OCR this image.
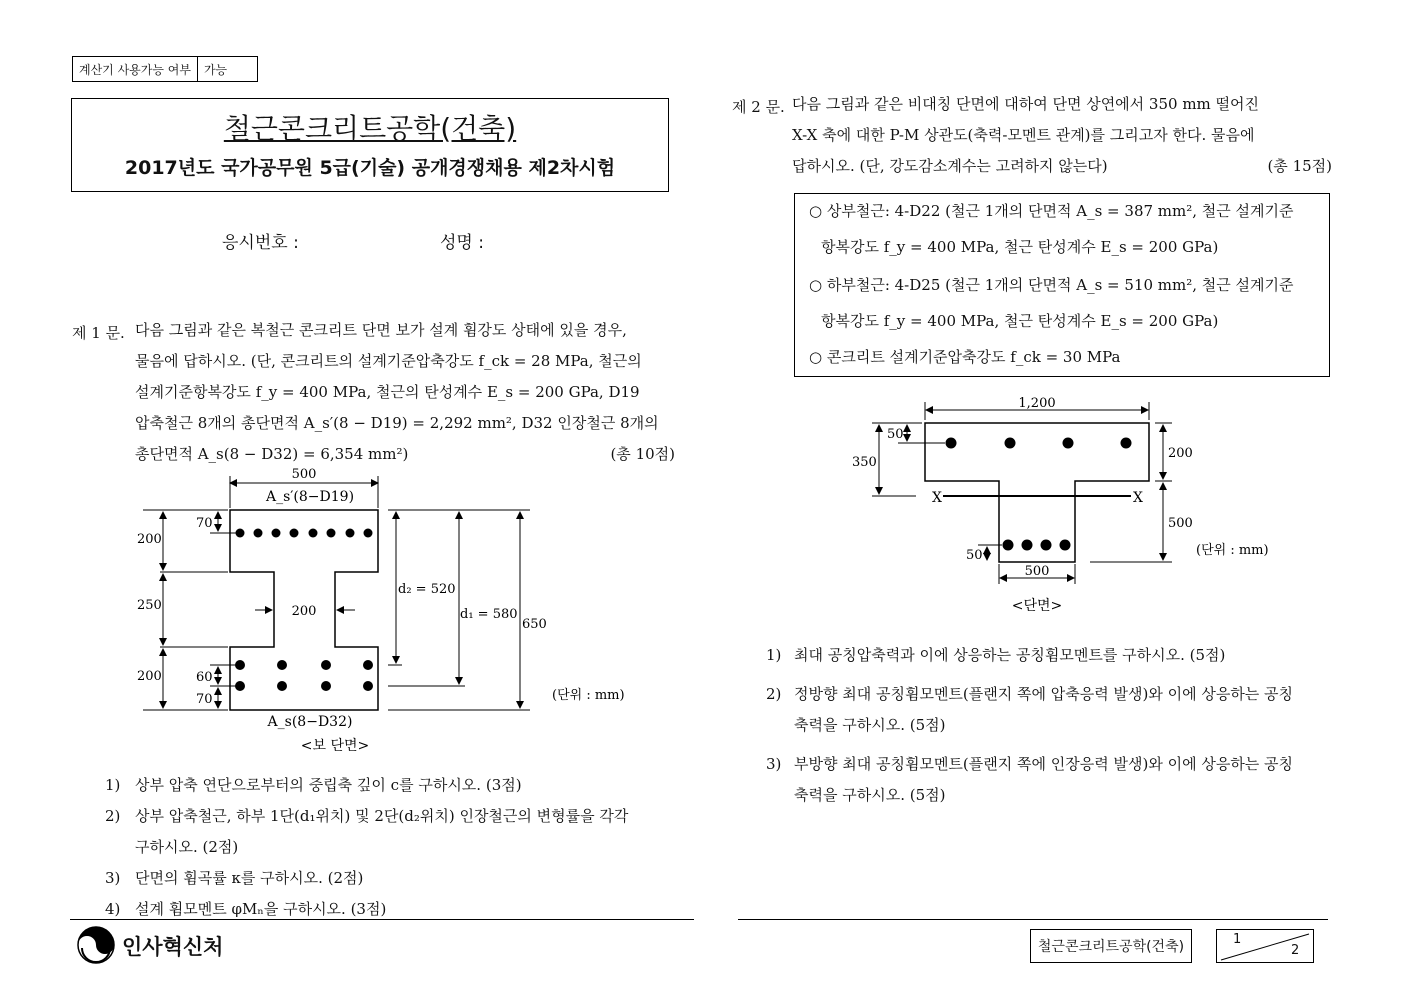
계산기 사용가능 여부	가능
철근콘크리트공학(건축)
2017년도 국가공무원 5급(기술) 공개경쟁채용 제2차시험
응시번호 :	성명 :
제 1 문. 다음 그림과 같은 복철근 콘크리트 단면 보가 설계 휨강도 상태에 있을 경우,
물음에 답하시오. (단, 콘크리트의 설계기준압축강도 f_ck = 28 MPa, 철근의
설계기준항복강도 f_y = 400 MPa, 철근의 탄성계수 E_s = 200 GPa, D19
압축철근 8개의 총단면적 A_s′(8 − D19) = 2,292 mm², D32 인장철근 8개의
총단면적 A_s(8 − D32) = 6,354 mm²)	(총 10점)
500
A_s′(8−D19)
200
250
200
70
60
70
200
d₂ = 520
d₁ = 580
650
(단위 : mm)
A_s(8−D32)
<보 단면>
1) 상부 압축 연단으로부터의 중립축 깊이 c를 구하시오. (3점)
2) 상부 압축철근, 하부 1단(d₁위치) 및 2단(d₂위치) 인장철근의 변형률을 각각
구하시오. (2점)
3) 단면의 휨곡률 κ를 구하시오. (2점)
4) 설계 휨모멘트 φMₙ을 구하시오. (3점)
제 2 문. 다음 그림과 같은 비대칭 단면에 대하여 단면 상연에서 350 mm 떨어진
X-X 축에 대한 P-M 상관도(축력-모멘트 관계)를 그리고자 한다. 물음에
답하시오. (단, 강도감소계수는 고려하지 않는다)	(총 15점)
○ 상부철근: 4-D22 (철근 1개의 단면적 A_s = 387 mm², 철근 설계기준
항복강도 f_y = 400 MPa, 철근 탄성계수 E_s = 200 GPa)
○ 하부철근: 4-D25 (철근 1개의 단면적 A_s = 510 mm², 철근 설계기준
항복강도 f_y = 400 MPa, 철근 탄성계수 E_s = 200 GPa)
○ 콘크리트 설계기준압축강도 f_ck = 30 MPa
1,200
50
350
X	X
200
500
50
500
(단위 : mm)
<단면>
1) 최대 공칭압축력과 이에 상응하는 공칭휨모멘트를 구하시오. (5점)
2) 정방향 최대 공칭휨모멘트(플랜지 쪽에 압축응력 발생)와 이에 상응하는 공칭
축력을 구하시오. (5점)
3) 부방향 최대 공칭휨모멘트(플랜지 쪽에 인장응력 발생)와 이에 상응하는 공칭
축력을 구하시오. (5점)
인사혁신처	철근콘크리트공학(건축)	1
2
